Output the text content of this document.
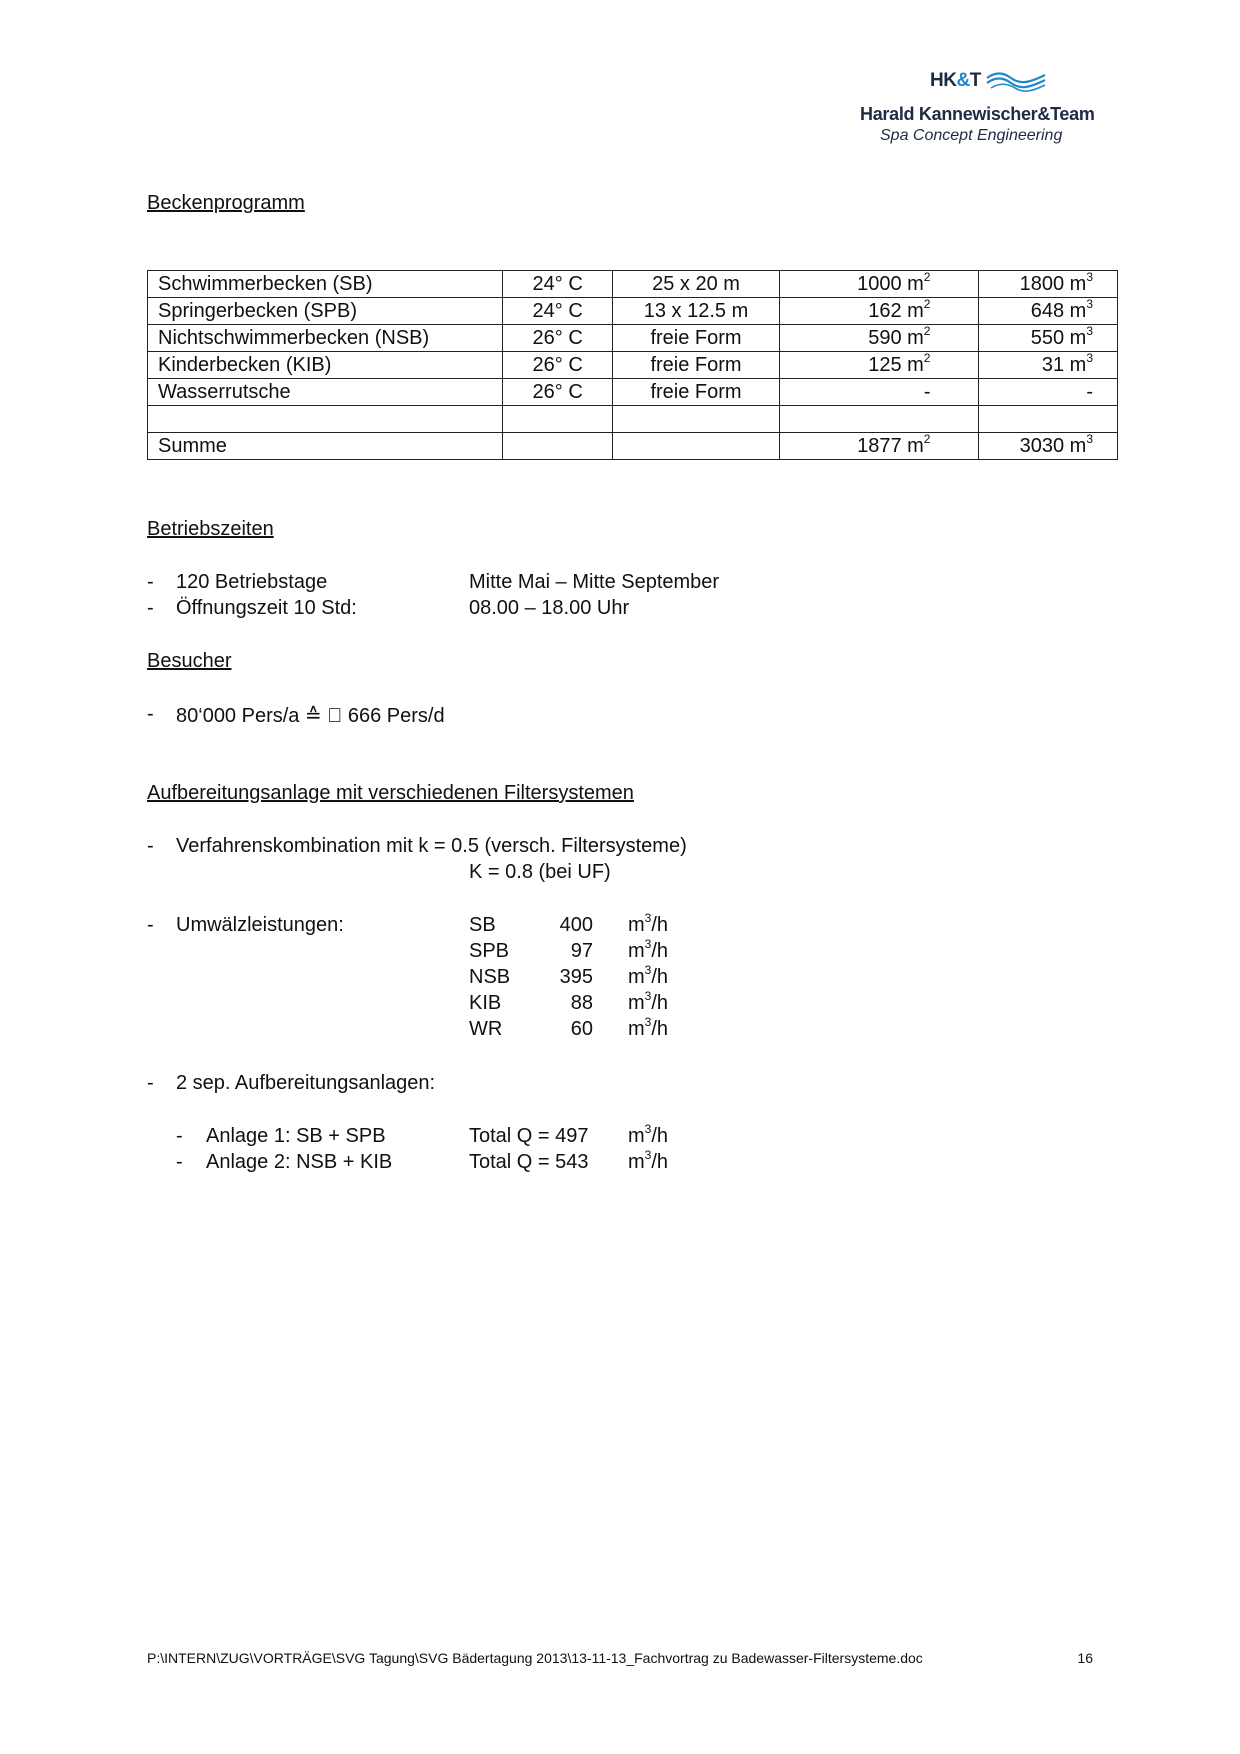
HK&T
Harald Kannewischer&Team
Spa Concept Engineering
Beckenprogramm
Schwimmerbecken (SB)	24° C	25 x 20 m	1000 $m^2$	1800 $m^3$
Springerbecken (SPB)	24° C	13 x 12.5 m	162 $m^2$	648 $m^3$
Nichtschwimmerbecken (NSB)	26° C	freie Form	590 $m^2$	550 $m^3$
Kinderbecken (KIB)	26° C	freie Form	125 $m^2$	31 $m^3$
Wasserrutsche	26° C	freie Form	-	-

Summe			1877 $m^2$	3030 $m^3$
Betriebszeiten
- 120 Betriebstage	Mitte Mai – Mitte September
- Öffnungszeit 10 Std:	08.00 – 18.00 Uhr
Besucher
- 80‘000 Pers/a ≙ ⃠ 666 Pers/d
Aufbereitungsanlage mit verschiedenen Filtersystemen
- Verfahrenskombination mit k = 0.5 (versch. Filtersysteme)
K = 0.8 (bei UF)
- Umwälzleistungen:	SB	400 $m^3/h$
SPB	97 $m^3/h$
NSB	395 $m^3/h$
KIB	88 $m^3/h$
WR	60 $m^3/h$
- 2 sep. Aufbereitungsanlagen:
- Anlage 1: SB + SPB	Total Q = 497 $m^3/h$
- Anlage 2: NSB + KIB	Total Q = 543 $m^3/h$
P:\INTERN\ZUG\VORTRÄGE\SVG Tagung\SVG Bädertagung 2013\13-11-13_Fachvortrag zu Badewasser-Filtersysteme.doc	16
